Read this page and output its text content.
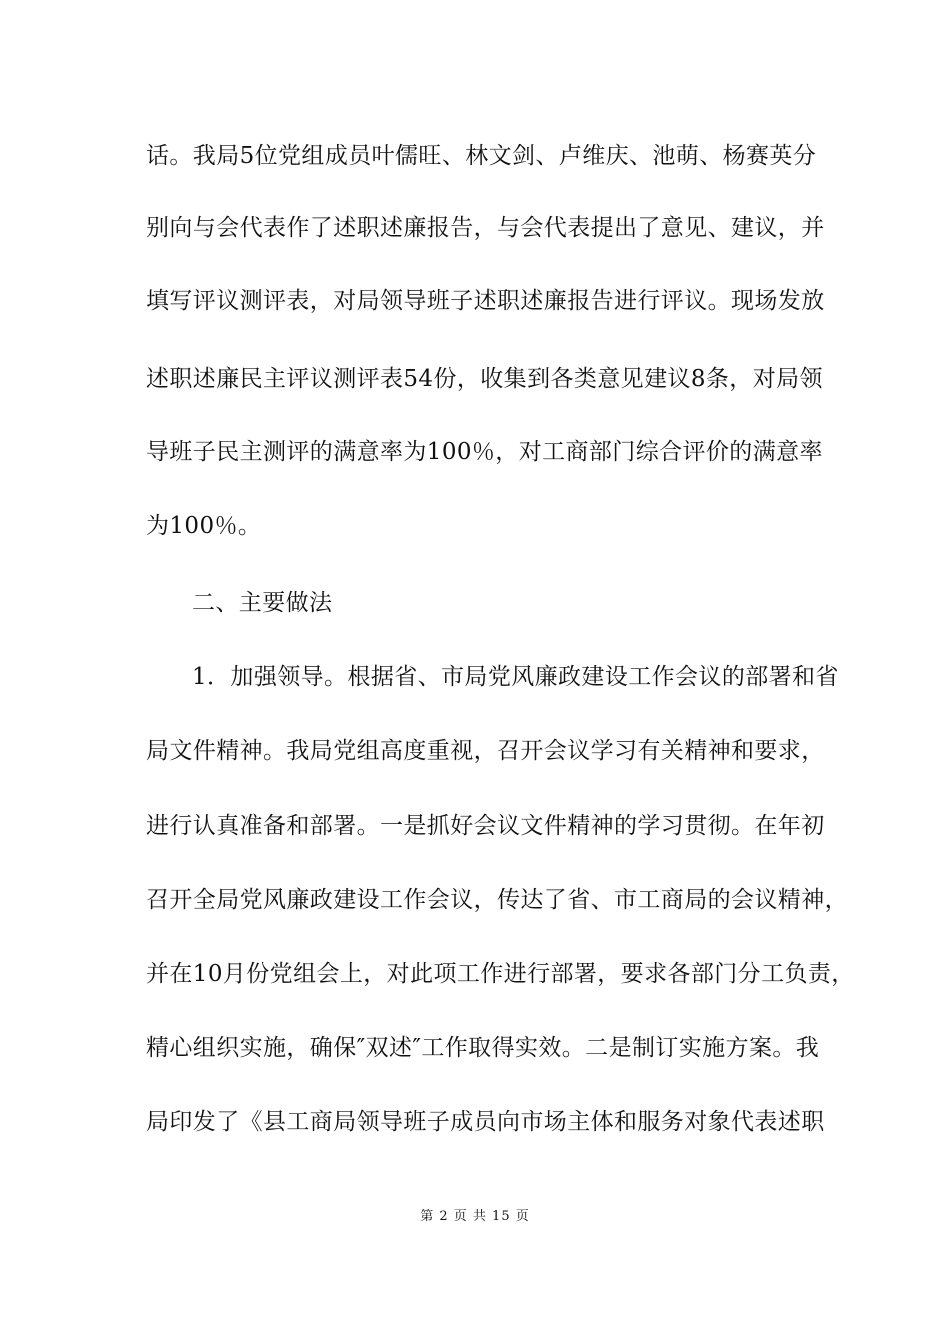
话。我局5位党组成员叶儒旺、林文剑、卢维庆、池萌、杨赛英分
别向与会代表作了述职述廉报告，与会代表提出了意见、建议，并
填写评议测评表，对局领导班子述职述廉报告进行评议。现场发放
述职述廉民主评议测评表54份，收集到各类意见建议8条，对局领
导班子民主测评的满意率为100％，对工商部门综合评价的满意率
为100％。
二、主要做法
1．加强领导。根据省、市局党风廉政建设工作会议的部署和省
局文件精神。我局党组高度重视，召开会议学习有关精神和要求，
进行认真准备和部署。一是抓好会议文件精神的学习贯彻。在年初
召开全局党风廉政建设工作会议，传达了省、市工商局的会议精神，
并在10月份党组会上，对此项工作进行部署，要求各部门分工负责，
精心组织实施，确保″双述″工作取得实效。二是制订实施方案。我
局印发了《县工商局领导班子成员向市场主体和服务对象代表述职
第 2 页 共 15 页
